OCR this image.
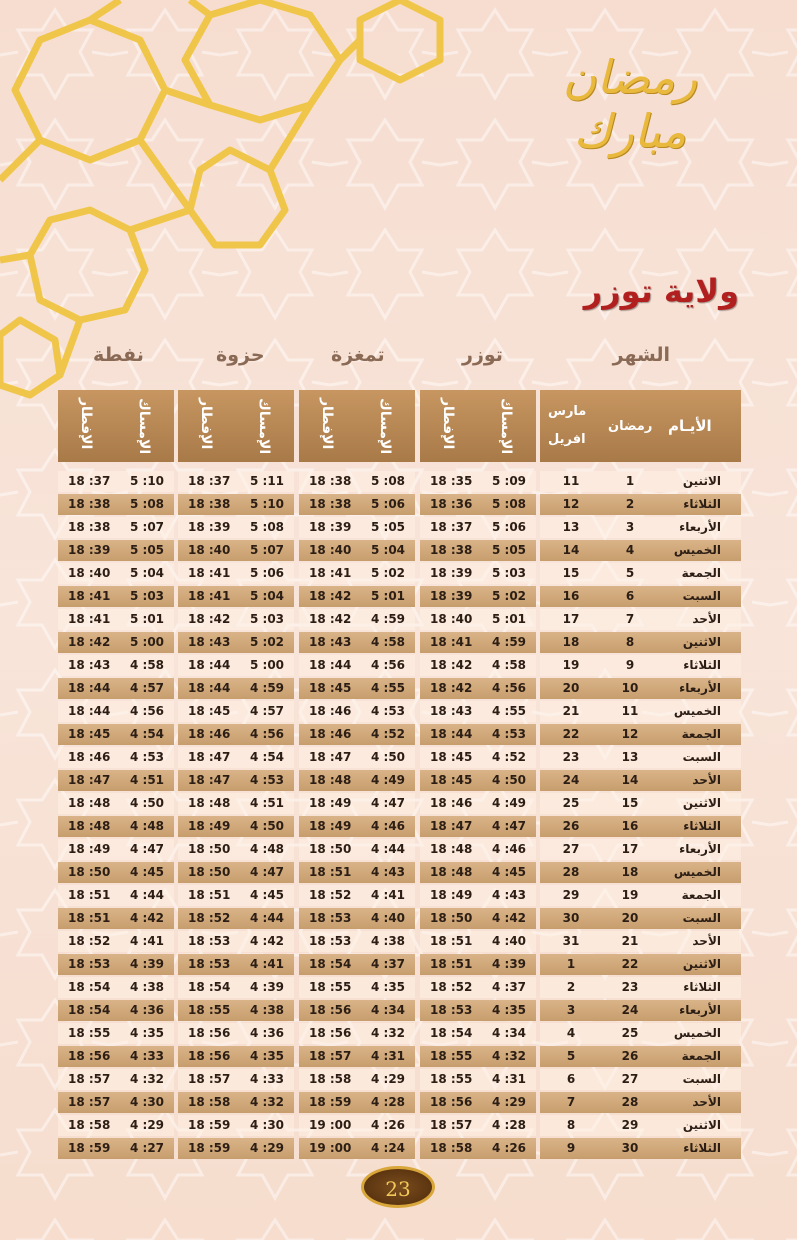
رمضان مبارك
ولاية توزر
الشهر
توزر
تمغزة
حزوة
نفطة
الأيـام
رمضان
مارس
افريل
الإمساك
الإفطار
الإمساك
الإفطار
الإمساك
الإفطار
الإمساك
الإفطار
الاثنين
1
11
5 :09
18 :35
5 :08
18 :38
5 :11
18 :37
5 :10
18 :37
الثلاثاء
2
12
5 :08
18 :36
5 :06
18 :38
5 :10
18 :38
5 :08
18 :38
الأربعاء
3
13
5 :06
18 :37
5 :05
18 :39
5 :08
18 :39
5 :07
18 :38
الخميس
4
14
5 :05
18 :38
5 :04
18 :40
5 :07
18 :40
5 :05
18 :39
الجمعة
5
15
5 :03
18 :39
5 :02
18 :41
5 :06
18 :41
5 :04
18 :40
السبت
6
16
5 :02
18 :39
5 :01
18 :42
5 :04
18 :41
5 :03
18 :41
الأحد
7
17
5 :01
18 :40
4 :59
18 :42
5 :03
18 :42
5 :01
18 :41
الاثنين
8
18
4 :59
18 :41
4 :58
18 :43
5 :02
18 :43
5 :00
18 :42
الثلاثاء
9
19
4 :58
18 :42
4 :56
18 :44
5 :00
18 :44
4 :58
18 :43
الأربعاء
10
20
4 :56
18 :42
4 :55
18 :45
4 :59
18 :44
4 :57
18 :44
الخميس
11
21
4 :55
18 :43
4 :53
18 :46
4 :57
18 :45
4 :56
18 :44
الجمعة
12
22
4 :53
18 :44
4 :52
18 :46
4 :56
18 :46
4 :54
18 :45
السبت
13
23
4 :52
18 :45
4 :50
18 :47
4 :54
18 :47
4 :53
18 :46
الأحد
14
24
4 :50
18 :45
4 :49
18 :48
4 :53
18 :47
4 :51
18 :47
الاثنين
15
25
4 :49
18 :46
4 :47
18 :49
4 :51
18 :48
4 :50
18 :48
الثلاثاء
16
26
4 :47
18 :47
4 :46
18 :49
4 :50
18 :49
4 :48
18 :48
الأربعاء
17
27
4 :46
18 :48
4 :44
18 :50
4 :48
18 :50
4 :47
18 :49
الخميس
18
28
4 :45
18 :48
4 :43
18 :51
4 :47
18 :50
4 :45
18 :50
الجمعة
19
29
4 :43
18 :49
4 :41
18 :52
4 :45
18 :51
4 :44
18 :51
السبت
20
30
4 :42
18 :50
4 :40
18 :53
4 :44
18 :52
4 :42
18 :51
الأحد
21
31
4 :40
18 :51
4 :38
18 :53
4 :42
18 :53
4 :41
18 :52
الاثنين
22
1
4 :39
18 :51
4 :37
18 :54
4 :41
18 :53
4 :39
18 :53
الثلاثاء
23
2
4 :37
18 :52
4 :35
18 :55
4 :39
18 :54
4 :38
18 :54
الأربعاء
24
3
4 :35
18 :53
4 :34
18 :56
4 :38
18 :55
4 :36
18 :54
الخميس
25
4
4 :34
18 :54
4 :32
18 :56
4 :36
18 :56
4 :35
18 :55
الجمعة
26
5
4 :32
18 :55
4 :31
18 :57
4 :35
18 :56
4 :33
18 :56
السبت
27
6
4 :31
18 :55
4 :29
18 :58
4 :33
18 :57
4 :32
18 :57
الأحد
28
7
4 :29
18 :56
4 :28
18 :59
4 :32
18 :58
4 :30
18 :57
الاثنين
29
8
4 :28
18 :57
4 :26
19 :00
4 :30
18 :59
4 :29
18 :58
الثلاثاء
30
9
4 :26
18 :58
4 :24
19 :00
4 :29
18 :59
4 :27
18 :59
23
